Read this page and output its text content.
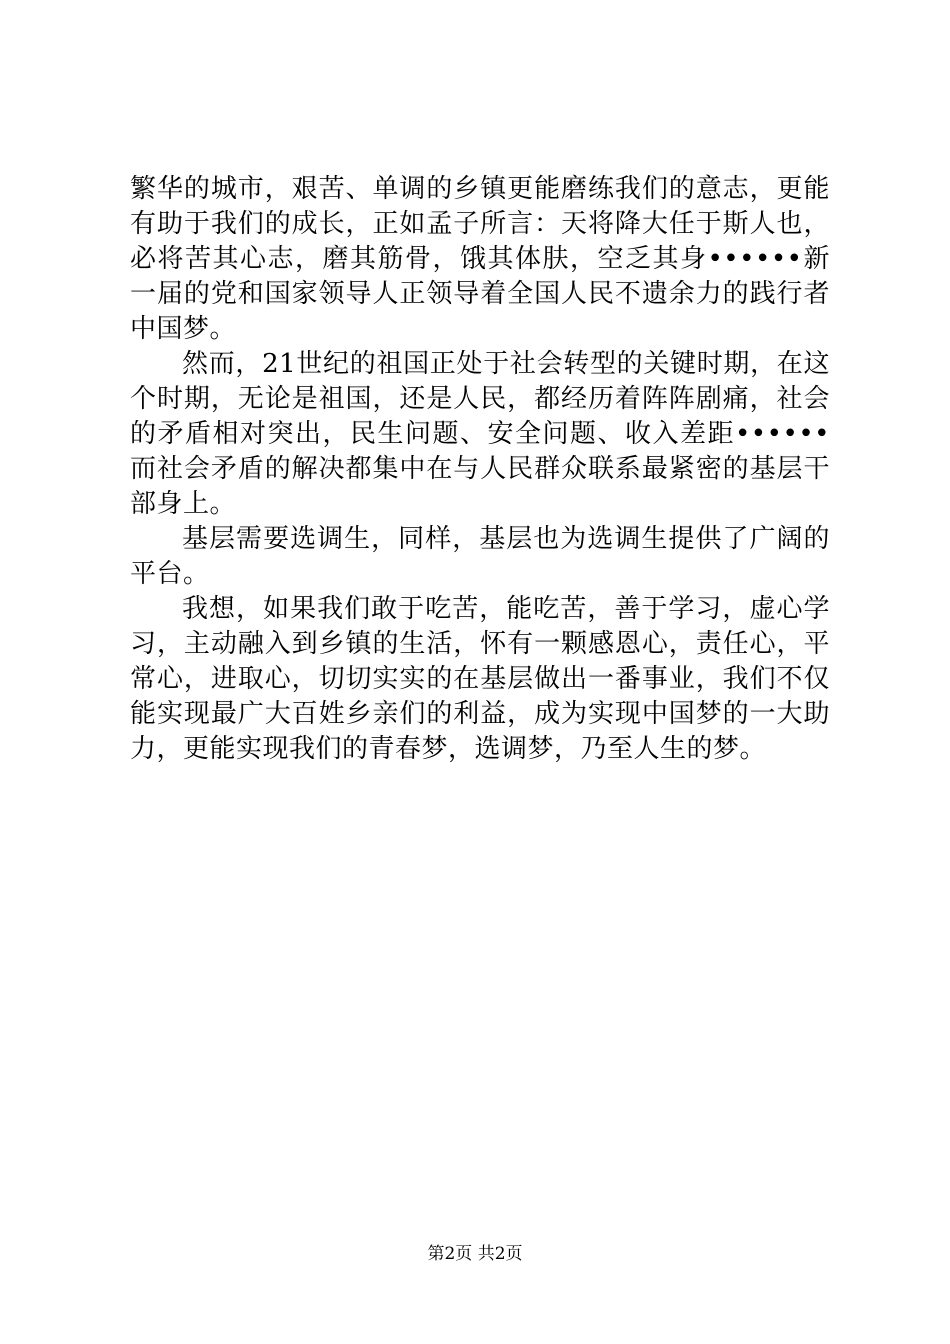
繁华的城市，艰苦、单调的乡镇更能磨练我们的意志，更能有助于我们的成长，正如孟子所言：天将降大任于斯人也，必将苦其心志，磨其筋骨，饿其体肤，空乏其身••••••新一届的党和国家领导人正领导着全国人民不遗余力的践行者中国梦。

然而，21世纪的祖国正处于社会转型的关键时期，在这个时期，无论是祖国，还是人民，都经历着阵阵剧痛，社会的矛盾相对突出，民生问题、安全问题、收入差距••••••而社会矛盾的解决都集中在与人民群众联系最紧密的基层干部身上。

基层需要选调生，同样，基层也为选调生提供了广阔的平台。

我想，如果我们敢于吃苦，能吃苦，善于学习，虚心学习，主动融入到乡镇的生活，怀有一颗感恩心，责任心，平常心，进取心，切切实实的在基层做出一番事业，我们不仅能实现最广大百姓乡亲们的利益，成为实现中国梦的一大助力，更能实现我们的青春梦，选调梦，乃至人生的梦。

第2页 共2页
